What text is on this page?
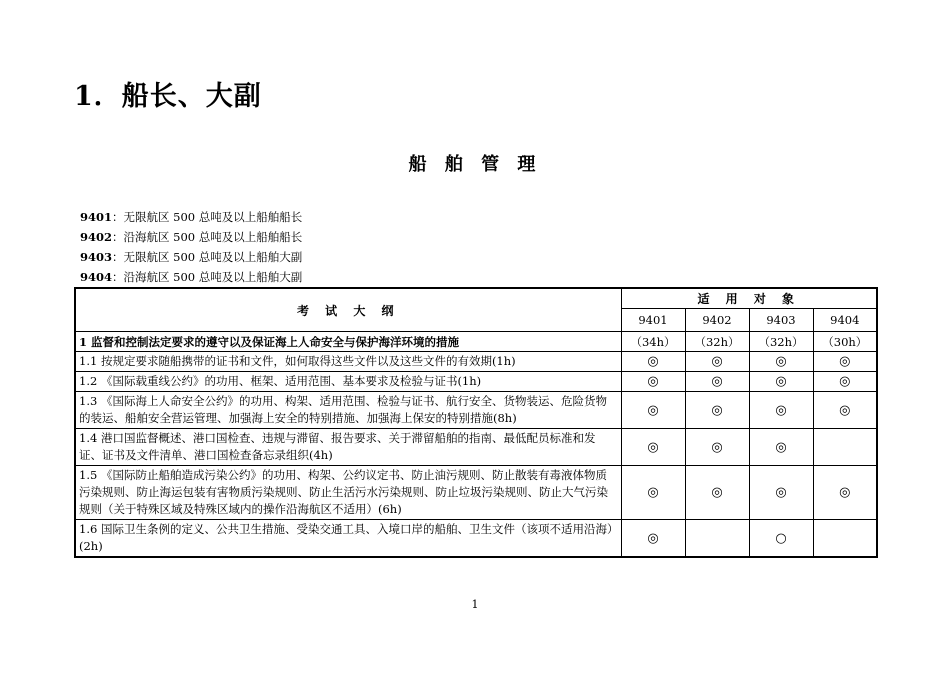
1．船长、大副
船 舶 管 理
9401：无限航区 500 总吨及以上船舶船长
9402：沿海航区 500 总吨及以上船舶船长
9403：无限航区 500 总吨及以上船舶大副
9404：沿海航区 500 总吨及以上船舶大副
考 试 大 纲	适 用 对 象			
	9401	9402	9403	9404
1 监督和控制法定要求的遵守以及保证海上人命安全与保护海洋环境的措施	（34h）	（32h）	（32h）	（30h）
1.1 按规定要求随船携带的证书和文件，如何取得这些文件以及这些文件的有效期(1h)	◎	◎	◎	◎
1.2 《国际载重线公约》的功用、框架、适用范围、基本要求及检验与证书(1h)	◎	◎	◎	◎
1.3 《国际海上人命安全公约》的功用、构架、适用范围、检验与证书、航行安全、货物装运、危险货物的装运、船舶安全营运管理、加强海上安全的特别措施、加强海上保安的特别措施(8h)	◎	◎	◎	◎
1.4 港口国监督概述、港口国检查、违规与滞留、报告要求、关于滞留船舶的指南、最低配员标准和发证、证书及文件清单、港口国检查备忘录组织(4h)	◎	◎	◎	
1.5 《国际防止船舶造成污染公约》的功用、构架、公约议定书、防止油污规则、防止散装有毒液体物质污染规则、防止海运包装有害物质污染规则、防止生活污水污染规则、防止垃圾污染规则、防止大气污染规则（关于特殊区域及特殊区域内的操作沿海航区不适用）(6h)	◎	◎	◎	◎
1.6 国际卫生条例的定义、公共卫生措施、受染交通工具、入境口岸的船舶、卫生文件（该项不适用沿海）(2h)	◎		○	
1
